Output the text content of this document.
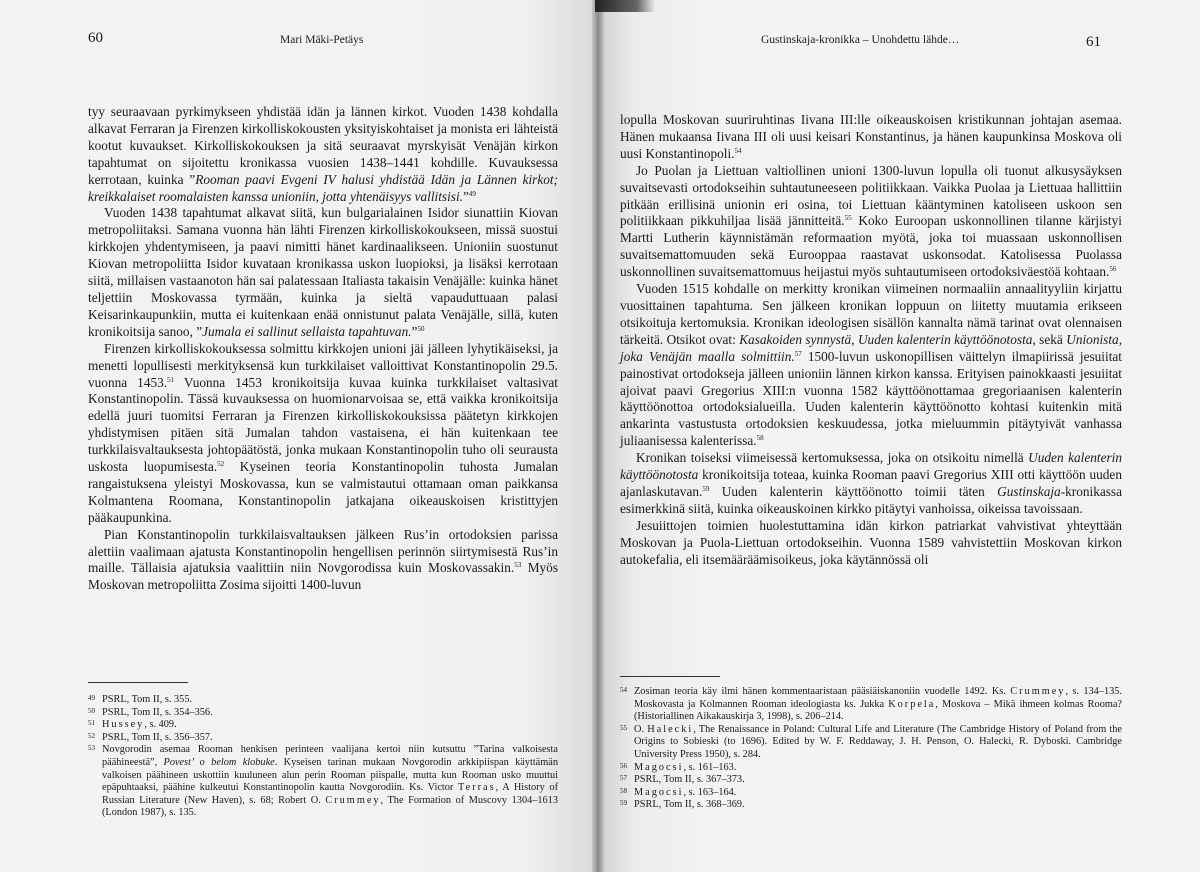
60	Mari Mäki-Petäys

tyy seuraavaan pyrkimykseen yhdistää idän ja lännen kirkot. Vuoden 1438 kohdalla alkavat Ferraran ja Firenzen kirkolliskokousten yksityiskohtaiset ja monista eri lähteistä kootut kuvaukset. Kirkolliskokouksen ja sitä seuraavat myrskyisät Venäjän kirkon tapahtumat on sijoitettu kronikassa vuosien 1438–1441 kohdille. Kuvauksessa kerrotaan, kuinka ”Rooman paavi Evgeni IV halusi yhdistää Idän ja Lännen kirkot; kreikkalaiset roomalaisten kanssa unioniin, jotta yhtenäisyys vallitsisi.”$^{49}$

Vuoden 1438 tapahtumat alkavat siitä, kun bulgarialainen Isidor siunattiin Kiovan metropoliitaksi. Samana vuonna hän lähti Firenzen kirkolliskokoukseen, missä suostui kirkkojen yhdentymiseen, ja paavi nimitti hänet kardinaalikseen. Unioniin suostunut Kiovan metropoliitta Isidor kuvataan kronikassa uskon luopioksi, ja lisäksi kerrotaan siitä, millaisen vastaanoton hän sai palatessaan Italiasta takaisin Venäjälle: kuinka hänet teljettiin Moskovassa tyrmään, kuinka ja sieltä vapauduttuaan palasi Keisarinkaupunkiin, mutta ei kuitenkaan enää onnistunut palata Venäjälle, sillä, kuten kronikoitsija sanoo, ”Jumala ei sallinut sellaista tapahtuvan.”$^{50}$

Firenzen kirkolliskokouksessa solmittu kirkkojen unioni jäi jälleen lyhytikäiseksi, ja menetti lopullisesti merkityksensä kun turkkilaiset valloittivat Konstantinopolin 29.5. vuonna 1453.51 Vuonna 1453 kronikoitsija kuvaa kuinka turkkilaiset valtasivat Konstantinopolin. Tässä kuvauksessa on huomionarvoisaa se, että vaikka kronikoitsija edellä juuri tuomitsi Ferraran ja Firenzen kirkolliskokouksissa päätetyn kirkkojen yhdistymisen pitäen sitä Jumalan tahdon vastaisena, ei hän kuitenkaan tee turkkilaisvaltauksesta johtopäätöstä, jonka mukaan Konstantinopolin tuho oli seurausta uskosta luopumisesta.$^{52}$ Kyseinen teoria Konstantinopolin tuhosta Jumalan rangaistuksena yleistyi Moskovassa, kun se valmistautui ottamaan oman paikkansa Kolmantena Roomana, Konstantinopolin jatkajana oikeauskoisen kristittyjen pääkaupunkina.

Pian Konstantinopolin turkkilaisvaltauksen jälkeen Rus’in ortodoksien parissa alettiin vaalimaan ajatusta Konstantinopolin hengellisen perinnön siirtymisestä Rus’in maille. Tällaisia ajatuksia vaalittiin niin Novgorodissa kuin Moskovassakin.$^{53}$ Myös Moskovan metropoliitta Zosima sijoitti 1400-luvun

49 PSRL, Tom II, s. 355.
50 PSRL, Tom II, s. 354–356.
51 Hussey, s. 409.
52 PSRL, Tom II, s. 356–357.
53 Novgorodin asemaa Rooman henkisen perinteen vaalijana kertoi niin kutsuttu ”Tarina valkoisesta päähineestä”, Povest’ o belom klobuke. Kyseisen tarinan mukaan Novgorodin arkkipiispan käyttämän valkoisen päähineen uskottiin kuuluneen alun perin Rooman piispalle, mutta kun Rooman usko muuttui epäpuhtaaksi, päähine kulkeutui Konstantinopolin kautta Novgorodiin. Ks. Victor Terras, A History of Russian Literature (New Haven), s. 68; Robert O. Crummey, The Formation of Muscovy 1304–1613 (London 1987), s. 135.
Gustinskaja-kronikka – Unohdettu lähde…	61

lopulla Moskovan suuriruhtinas Iivana III:lle oikeauskoisen kristikunnan johtajan asemaa. Hänen mukaansa Iivana III oli uusi keisari Konstantinus, ja hänen kaupunkinsa Moskova oli uusi Konstantinopoli.$^{54}$

Jo Puolan ja Liettuan valtiollinen unioni 1300-luvun lopulla oli tuonut alkusysäyksen suvaitsevasti ortodokseihin suhtautuneeseen politiikkaan. Vaikka Puolaa ja Liettuaa hallittiin pitkään erillisinä unionin eri osina, toi Liettuan kääntyminen katoliseen uskoon sen politiikkaan pikkuhiljaa lisää jännitteitä.$^{55}$ Koko Euroopan uskonnollinen tilanne kärjistyi Martti Lutherin käynnistämän reformaation myötä, joka toi muassaan uskonnollisen suvaitsemattomuuden sekä Eurooppaa raastavat uskonsodat. Katolisessa Puolassa uskonnollinen suvaitsemattomuus heijastui myös suhtautumiseen ortodoksiväestöä kohtaan.$^{56}$

Vuoden 1515 kohdalle on merkitty kronikan viimeinen normaaliin annaalityyliin kirjattu vuosittainen tapahtuma. Sen jälkeen kronikan loppuun on liitetty muutamia erikseen otsikoituja kertomuksia. Kronikan ideologisen sisällön kannalta nämä tarinat ovat olennaisen tärkeitä. Otsikot ovat: Kasakoiden synnystä, Uuden kalenterin käyttöönotosta, sekä Unionista, joka Venäjän maalla solmittiin.$^{57}$ 1500-luvun uskonopillisen väittelyn ilmapiirissä jesuiitat painostivat ortodokseja jälleen unioniin lännen kirkon kanssa. Erityisen painokkaasti jesuiitat ajoivat paavi Gregorius XIII:n vuonna 1582 käyttöönottamaa gregoriaanisen kalenterin käyttöönottoa ortodoksialueilla. Uuden kalenterin käyttöönotto kohtasi kuitenkin mitä ankarinta vastustusta ortodoksien keskuudessa, jotka mieluummin pitäytyivät vanhassa juliaanisessa kalenterissa.$^{58}$

Kronikan toiseksi viimeisessä kertomuksessa, joka on otsikoitu nimellä Uuden kalenterin käyttöönotosta kronikoitsija toteaa, kuinka Rooman paavi Gregorius XIII otti käyttöön uuden ajanlaskutavan.$^{59}$ Uuden kalenterin käyttöönotto toimii täten Gustinskaja-kronikassa esimerkkinä siitä, kuinka oikeauskoinen kirkko pitäytyi vanhoissa, oikeissa tavoissaan.

Jesuiittojen toimien huolestuttamina idän kirkon patriarkat vahvistivat yhteyttään Moskovan ja Puola-Liettuan ortodokseihin. Vuonna 1589 vahvistettiin Moskovan kirkon autokefalia, eli itsemääräämisoikeus, joka käytännössä oli

54 Zosiman teoria käy ilmi hänen kommentaaristaan pääsiäiskanoniin vuodelle 1492. Ks. Crummey, s. 134–135. Moskovasta ja Kolmannen Rooman ideologiasta ks. Jukka Korpela, Moskova – Mikä ihmeen kolmas Rooma? (Historiallinen Aikakauskirja 3, 1998), s. 206–214.
55 O. Halecki, The Renaissance in Poland: Cultural Life and Literature (The Cambridge History of Poland from the Origins to Sobieski (to 1696). Edited by W. F. Reddaway, J. H. Penson, O. Halecki, R. Dyboski. Cambridge University Press 1950), s. 284.
56 Magocsi, s. 161–163.
57 PSRL, Tom II, s. 367–373.
58 Magocsi, s. 163–164.
59 PSRL, Tom II, s. 368–369.
